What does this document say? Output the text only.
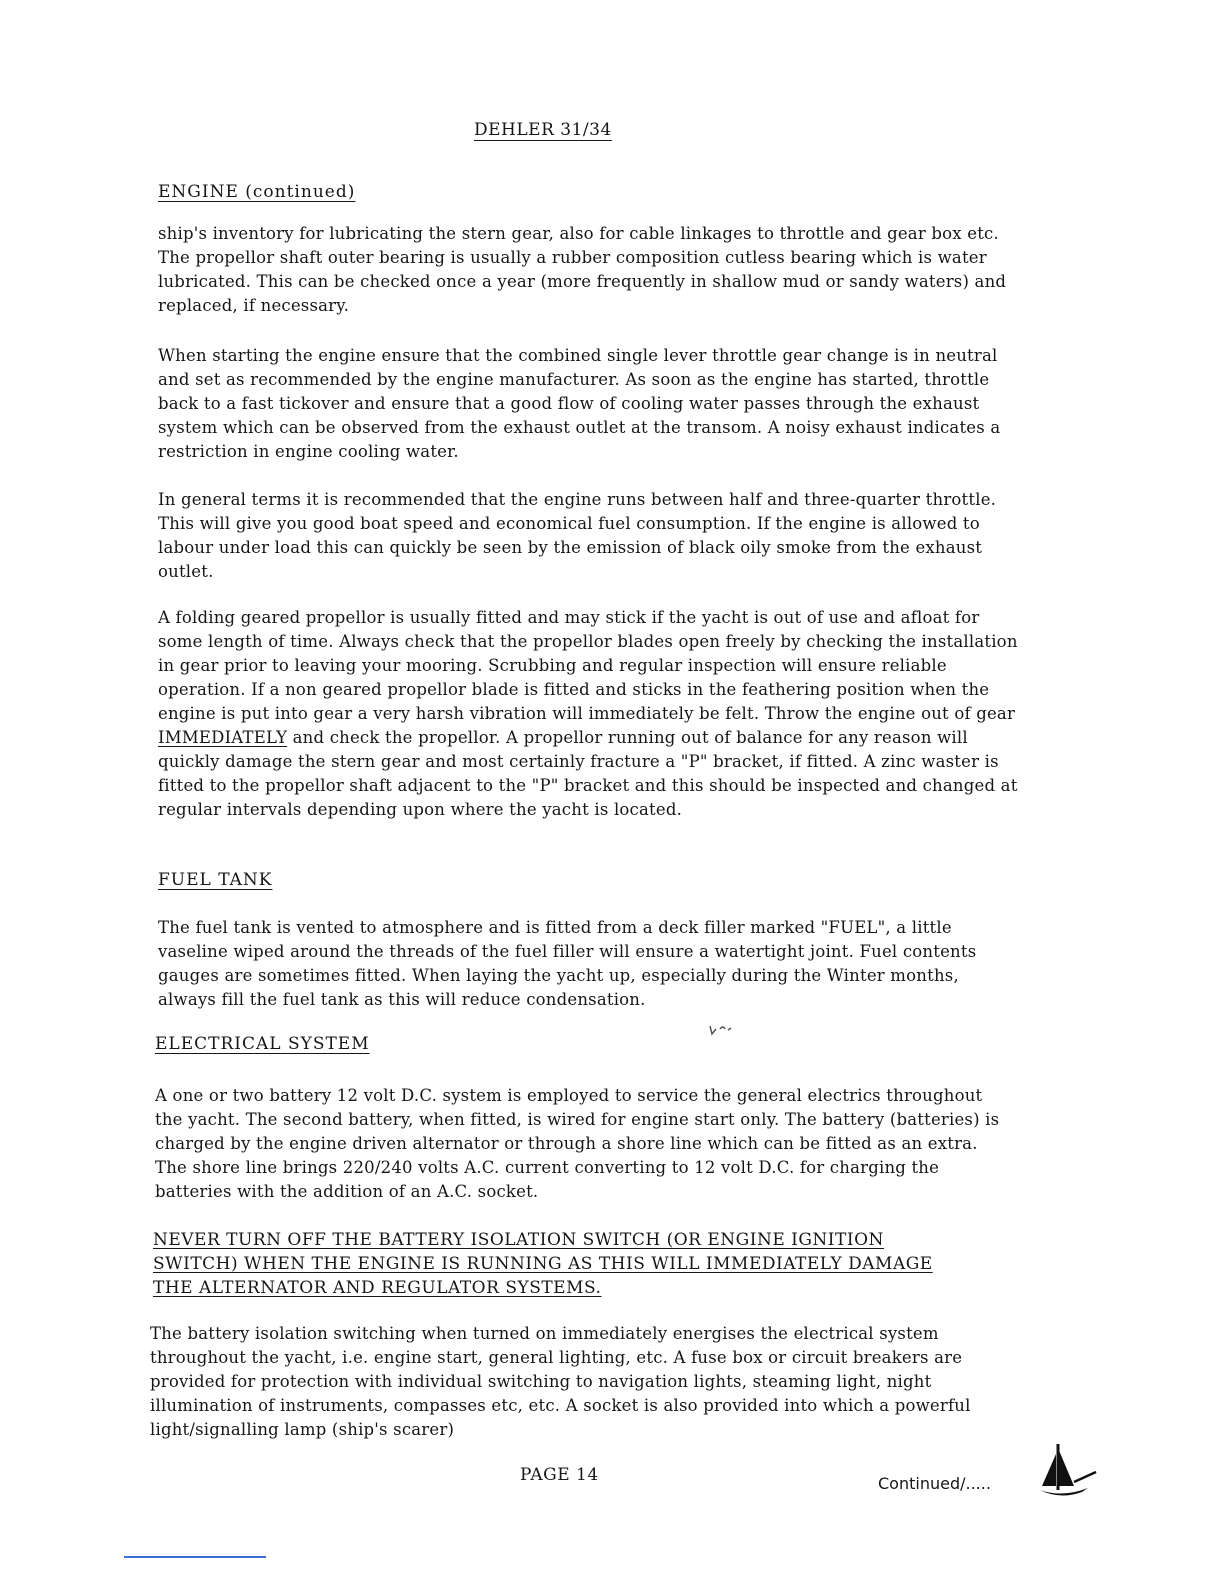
DEHLER 31/34
ENGINE (continued)

ship's inventory for lubricating the stern gear, also for cable linkages to throttle and gear box etc. The propellor shaft outer bearing is usually a rubber composition cutless bearing which is water lubricated. This can be checked once a year (more frequently in shallow mud or sandy waters) and replaced, if necessary.

When starting the engine ensure that the combined single lever throttle gear change is in neutral and set as recommended by the engine manufacturer. As soon as the engine has started, throttle back to a fast tickover and ensure that a good flow of cooling water passes through the exhaust system which can be observed from the exhaust outlet at the transom. A noisy exhaust indicates a restriction in engine cooling water.

In general terms it is recommended that the engine runs between half and three-quarter throttle. This will give you good boat speed and economical fuel consumption. If the engine is allowed to labour under load this can quickly be seen by the emission of black oily smoke from the exhaust outlet.

A folding geared propellor is usually fitted and may stick if the yacht is out of use and afloat for some length of time. Always check that the propellor blades open freely by checking the installation in gear prior to leaving your mooring. Scrubbing and regular inspection will ensure reliable operation. If a non geared propellor blade is fitted and sticks in the feathering position when the engine is put into gear a very harsh vibration will immediately be felt. Throw the engine out of gear IMMEDIATELY and check the propellor. A propellor running out of balance for any reason will quickly damage the stern gear and most certainly fracture a "P" bracket, if fitted. A zinc waster is fitted to the propellor shaft adjacent to the "P" bracket and this should be inspected and changed at regular intervals depending upon where the yacht is located.

FUEL TANK

The fuel tank is vented to atmosphere and is fitted from a deck filler marked "FUEL", a little vaseline wiped around the threads of the fuel filler will ensure a watertight joint. Fuel contents gauges are sometimes fitted. When laying the yacht up, especially during the Winter months, always fill the fuel tank as this will reduce condensation.

ELECTRICAL SYSTEM

A one or two battery 12 volt D.C. system is employed to service the general electrics throughout the yacht. The second battery, when fitted, is wired for engine start only. The battery (batteries) is charged by the engine driven alternator or through a shore line which can be fitted as an extra. The shore line brings 220/240 volts A.C. current converting to 12 volt D.C. for charging the batteries with the addition of an A.C. socket.

NEVER TURN OFF THE BATTERY ISOLATION SWITCH (OR ENGINE IGNITION SWITCH) WHEN THE ENGINE IS RUNNING AS THIS WILL IMMEDIATELY DAMAGE THE ALTERNATOR AND REGULATOR SYSTEMS.

The battery isolation switching when turned on immediately energises the electrical system throughout the yacht, i.e. engine start, general lighting, etc. A fuse box or circuit breakers are provided for protection with individual switching to navigation lights, steaming light, night illumination of instruments, compasses etc, etc. A socket is also provided into which a powerful light/signalling lamp (ship's scarer)

PAGE 14	Continued/.....
